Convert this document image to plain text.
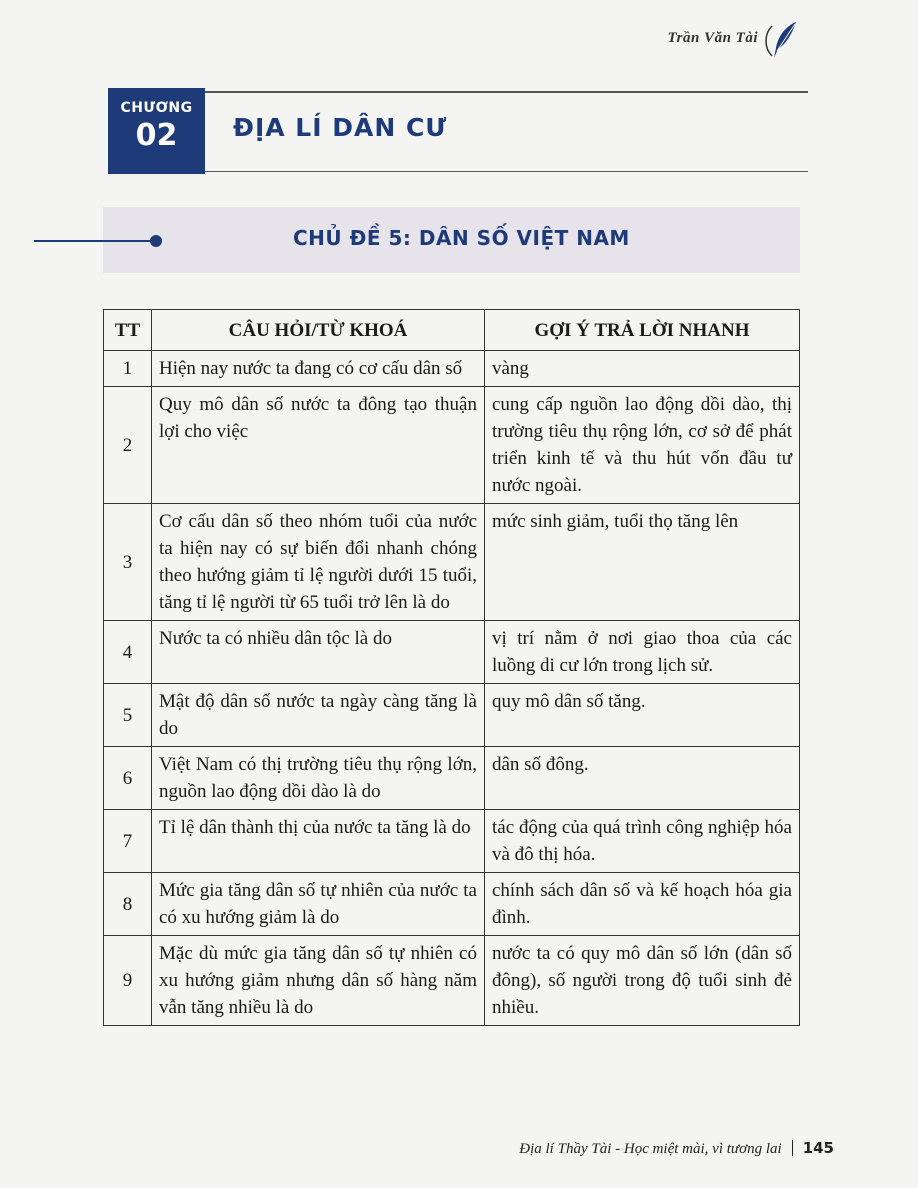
Trần Văn Tài
CHƯƠNG
02	ĐỊA LÍ DÂN CƯ
CHỦ ĐỀ 5: DÂN SỐ VIỆT NAM
TT	CÂU HỎI/TỪ KHOÁ	GỢI Ý TRẢ LỜI NHANH
1	Hiện nay nước ta đang có cơ cấu dân số	vàng
2	Quy mô dân số nước ta đông tạo thuận lợi cho việc	cung cấp nguồn lao động dồi dào, thị trường tiêu thụ rộng lớn, cơ sở để phát triển kinh tế và thu hút vốn đầu tư nước ngoài.
3	Cơ cấu dân số theo nhóm tuổi của nước ta hiện nay có sự biến đổi nhanh chóng theo hướng giảm tỉ lệ người dưới 15 tuổi, tăng tỉ lệ người từ 65 tuổi trở lên là do	mức sinh giảm, tuổi thọ tăng lên
4	Nước ta có nhiều dân tộc là do	vị trí nằm ở nơi giao thoa của các luồng di cư lớn trong lịch sử.
5	Mật độ dân số nước ta ngày càng tăng là do	quy mô dân số tăng.
6	Việt Nam có thị trường tiêu thụ rộng lớn, nguồn lao động dồi dào là do	dân số đông.
7	Tỉ lệ dân thành thị của nước ta tăng là do	tác động của quá trình công nghiệp hóa và đô thị hóa.
8	Mức gia tăng dân số tự nhiên của nước ta có xu hướng giảm là do	chính sách dân số và kế hoạch hóa gia đình.
9	Mặc dù mức gia tăng dân số tự nhiên có xu hướng giảm nhưng dân số hàng năm vẫn tăng nhiều là do	nước ta có quy mô dân số lớn (dân số đông), số người trong độ tuổi sinh đẻ nhiều.
Địa lí Thầy Tài - Học miệt mài, vì tương lai 145
